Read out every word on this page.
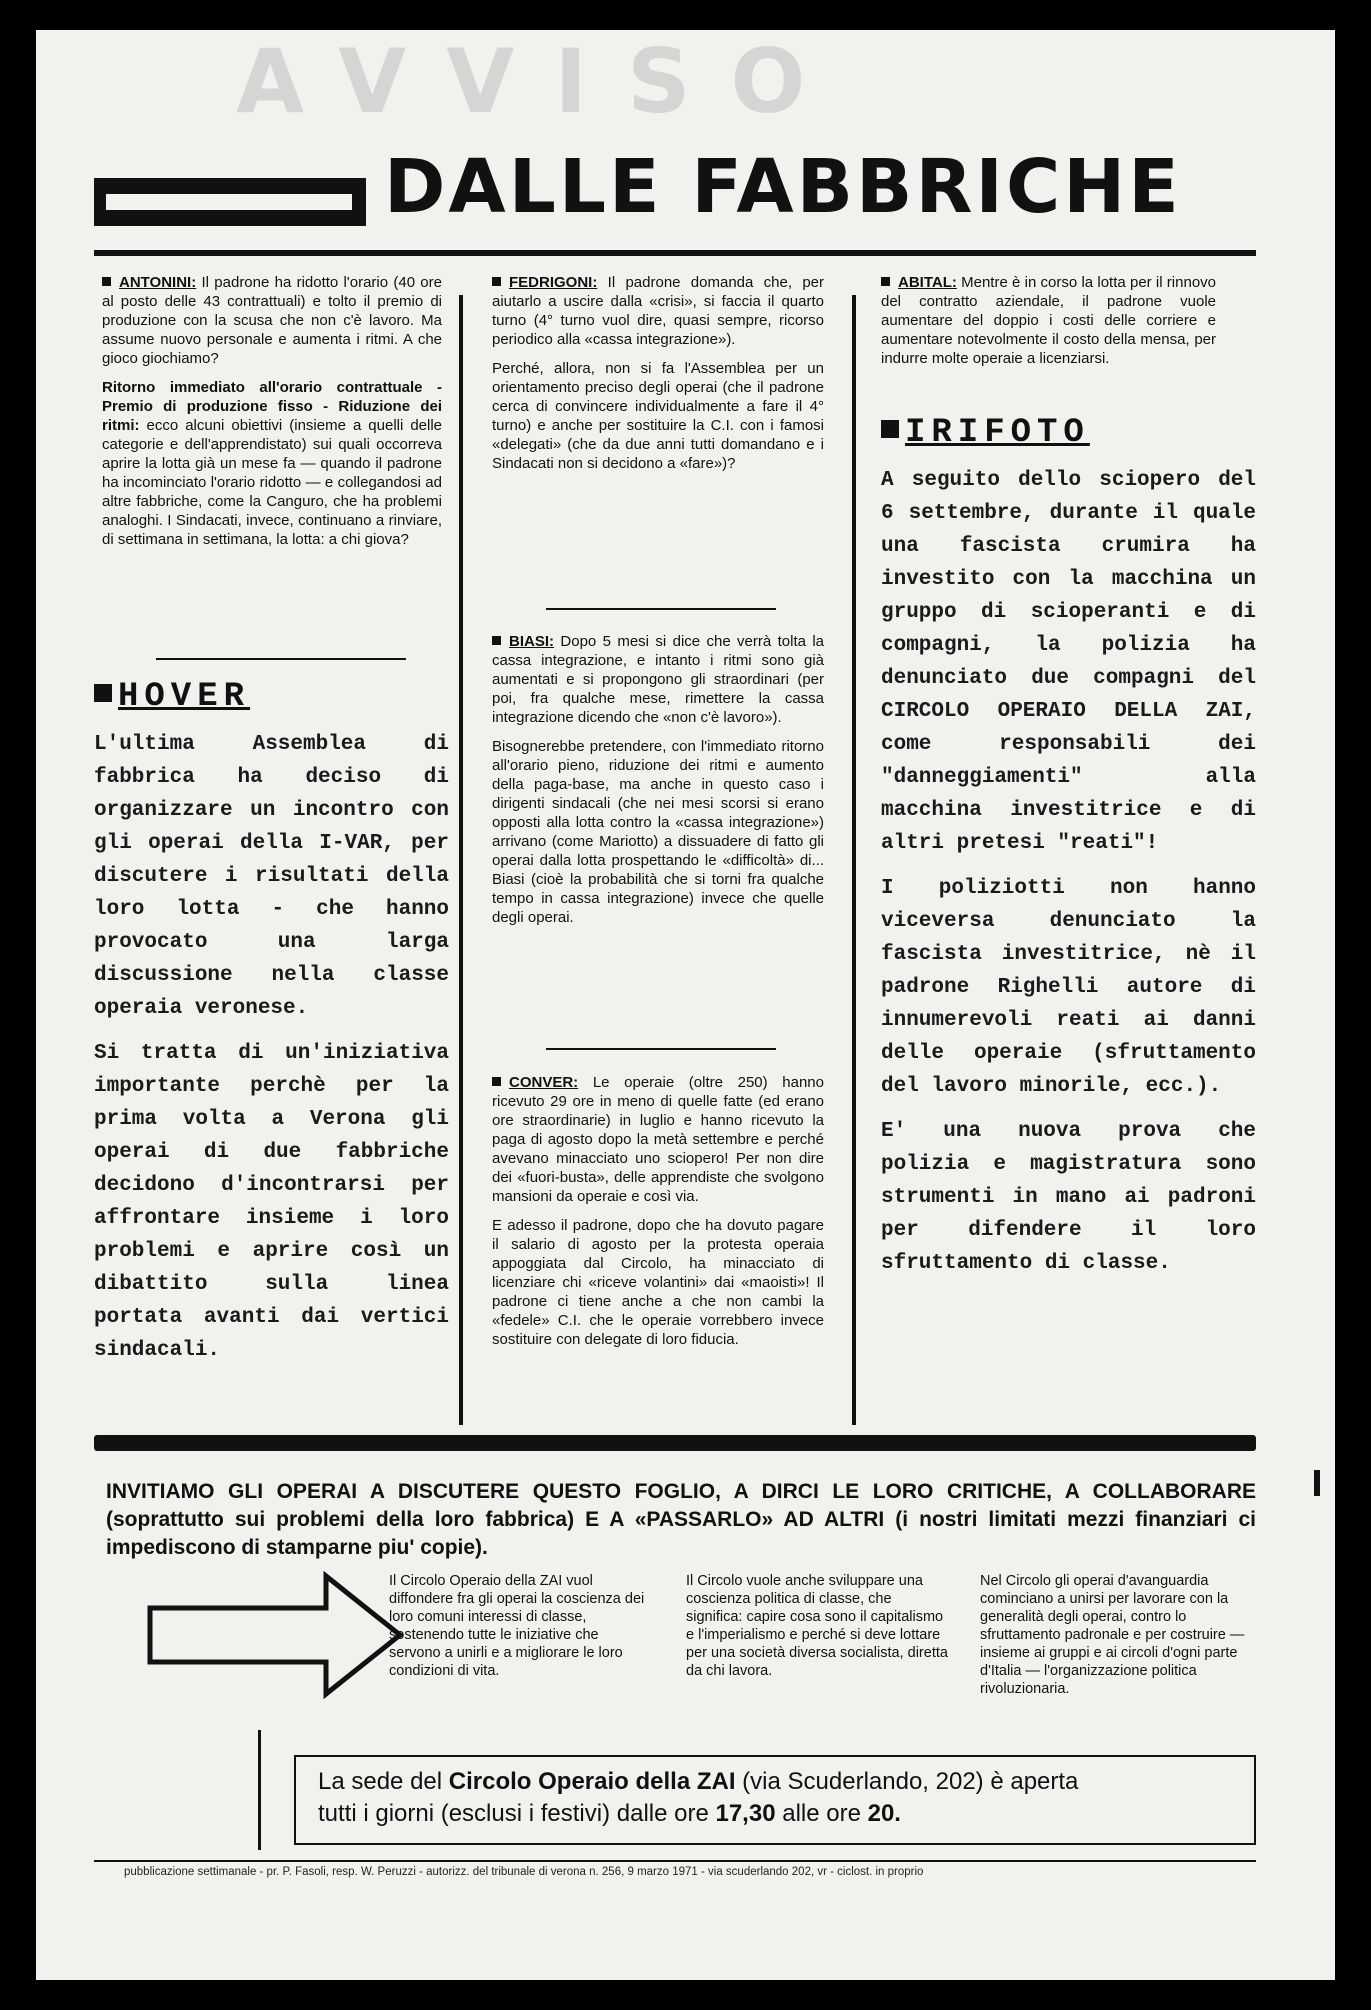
AVVISO
DALLE FABBRICHE

ANTONINI: Il padrone ha ridotto l'orario (40 ore al posto delle 43 contrattuali) e tolto il premio di produzione con la scusa che non c'è lavoro. Ma assume nuovo personale e aumenta i ritmi. A che gioco giochiamo?

Ritorno immediato all'orario contrattuale - Premio di produzione fisso - Riduzione dei ritmi: ecco alcuni obiettivi (insieme a quelli delle categorie e dell'apprendistato) sui quali occorreva aprire la lotta già un mese fa — quando il padrone ha incominciato l'orario ridotto — e collegandosi ad altre fabbriche, come la Canguro, che ha problemi analoghi. I Sindacati, invece, continuano a rinviare, di settimana in settimana, la lotta: a chi giova?

HOVER

L'ultima Assemblea di fabbrica ha deciso di organizzare un incontro con gli operai della I-VAR, per discutere i risultati della loro lotta - che hanno provocato una larga discussione nella classe operaia veronese.

Si tratta di un'iniziativa importante perchè per la prima volta a Verona gli operai di due fabbriche decidono d'incontrarsi per affrontare insieme i loro problemi e aprire così un dibattito sulla linea portata avanti dai vertici sindacali.

FEDRIGONI: Il padrone domanda che, per aiutarlo a uscire dalla «crisi», si faccia il quarto turno (4° turno vuol dire, quasi sempre, ricorso periodico alla «cassa integrazione»).

Perché, allora, non si fa l'Assemblea per un orientamento preciso degli operai (che il padrone cerca di convincere individualmente a fare il 4° turno) e anche per sostituire la C.I. con i famosi «delegati» (che da due anni tutti domandano e i Sindacati non si decidono a «fare»)?

BIASI: Dopo 5 mesi si dice che verrà tolta la cassa integrazione, e intanto i ritmi sono già aumentati e si propongono gli straordinari (per poi, fra qualche mese, rimettere la cassa integrazione dicendo che «non c'è lavoro»).

Bisognerebbe pretendere, con l'immediato ritorno all'orario pieno, riduzione dei ritmi e aumento della paga-base, ma anche in questo caso i dirigenti sindacali (che nei mesi scorsi si erano opposti alla lotta contro la «cassa integrazione») arrivano (come Mariotto) a dissuadere di fatto gli operai dalla lotta prospettando le «difficoltà» di... Biasi (cioè la probabilità che si torni fra qualche tempo in cassa integrazione) invece che quelle degli operai.

CONVER: Le operaie (oltre 250) hanno ricevuto 29 ore in meno di quelle fatte (ed erano ore straordinarie) in luglio e hanno ricevuto la paga di agosto dopo la metà settembre e perché avevano minacciato uno sciopero! Per non dire dei «fuori-busta», delle apprendiste che svolgono mansioni da operaie e così via.

E adesso il padrone, dopo che ha dovuto pagare il salario di agosto per la protesta operaia appoggiata dal Circolo, ha minacciato di licenziare chi «riceve volantini» dai «maoisti»! Il padrone ci tiene anche a che non cambi la «fedele» C.I. che le operaie vorrebbero invece sostituire con delegate di loro fiducia.

ABITAL: Mentre è in corso la lotta per il rinnovo del contratto aziendale, il padrone vuole aumentare del doppio i costi delle corriere e aumentare notevolmente il costo della mensa, per indurre molte operaie a licenziarsi.

IRIFOTO

A seguito dello sciopero del 6 settembre, durante il quale una fascista crumira ha investito con la macchina un gruppo di scioperanti e di compagni, la polizia ha denunciato due compagni del CIRCOLO OPERAIO DELLA ZAI, come responsabili dei "danneggiamenti" alla macchina investitrice e di altri pretesi "reati"!

I poliziotti non hanno viceversa denunciato la fascista investitrice, nè il padrone Righelli autore di innumerevoli reati ai danni delle operaie (sfruttamento del lavoro minorile, ecc.).

E' una nuova prova che polizia e magistratura sono strumenti in mano ai padroni per difendere il loro sfruttamento di classe.

INVITIAMO GLI OPERAI A DISCUTERE QUESTO FOGLIO, A DIRCI LE LORO CRITICHE, A COLLABORARE (soprattutto sui problemi della loro fabbrica) E A «PASSARLO» AD ALTRI (i nostri limitati mezzi finanziari ci impediscono di stamparne piu' copie).
Il Circolo Operaio della ZAI vuol diffondere fra gli operai la coscienza dei loro comuni interessi di classe, sostenendo tutte le iniziative che servono a unirli e a migliorare le loro condizioni di vita.
Il Circolo vuole anche sviluppare una coscienza politica di classe, che significa: capire cosa sono il capitalismo e l'imperialismo e perché si deve lottare per una società diversa socialista, diretta da chi lavora.
Nel Circolo gli operai d'avanguardia cominciano a unirsi per lavorare con la generalità degli operai, contro lo sfruttamento padronale e per costruire — insieme ai gruppi e ai circoli d'ogni parte d'Italia — l'organizzazione politica rivoluzionaria.
La sede del Circolo Operaio della ZAI (via Scuderlando, 202) è aperta
tutti i giorni (esclusi i festivi) dalle ore 17,30 alle ore 20.
pubblicazione settimanale - pr. P. Fasoli, resp. W. Peruzzi - autorizz. del tribunale di verona n. 256, 9 marzo 1971 - via scuderlando 202, vr - ciclost. in proprio
